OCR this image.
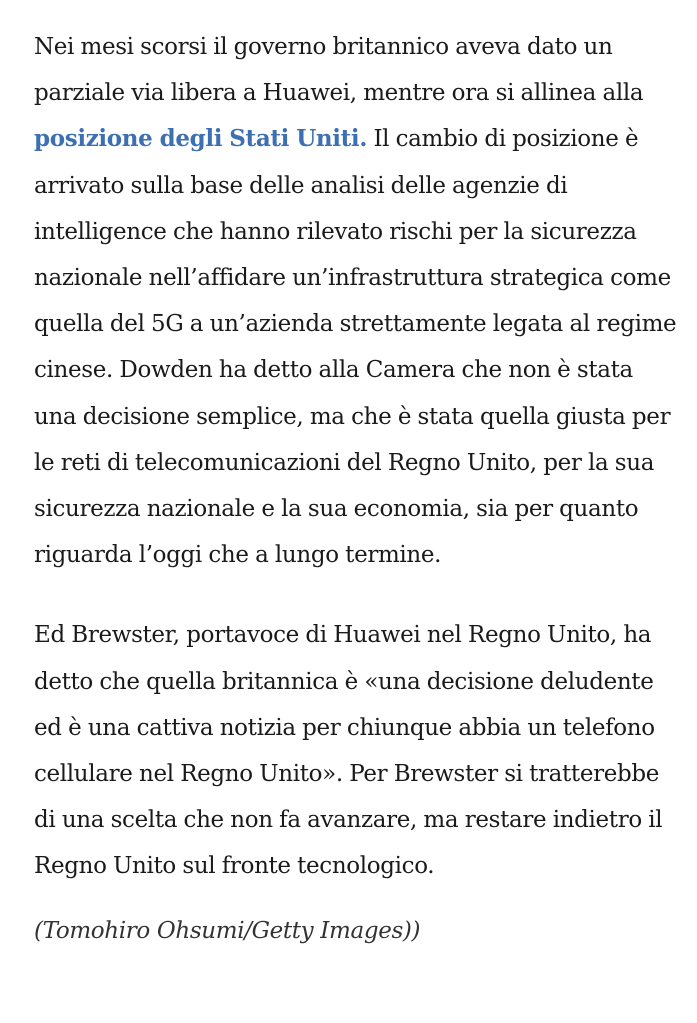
Nei mesi scorsi il governo britannico aveva dato un parziale via libera a Huawei, mentre ora si allinea alla posizione degli Stati Uniti. Il cambio di posizione è arrivato sulla base delle analisi delle agenzie di intelligence che hanno rilevato rischi per la sicurezza nazionale nell’affidare un’infrastruttura strategica come quella del 5G a un’azienda strettamente legata al regime cinese. Dowden ha detto alla Camera che non è stata una decisione semplice, ma che è stata quella giusta per le reti di telecomunicazioni del Regno Unito, per la sua sicurezza nazionale e la sua economia, sia per quanto riguarda l’oggi che a lungo termine.

Ed Brewster, portavoce di Huawei nel Regno Unito, ha detto che quella britannica è «una decisione deludente ed è una cattiva notizia per chiunque abbia un telefono cellulare nel Regno Unito». Per Brewster si tratterebbe di una scelta che non fa avanzare, ma restare indietro il Regno Unito sul fronte tecnologico.

(Tomohiro Ohsumi/Getty Images))
